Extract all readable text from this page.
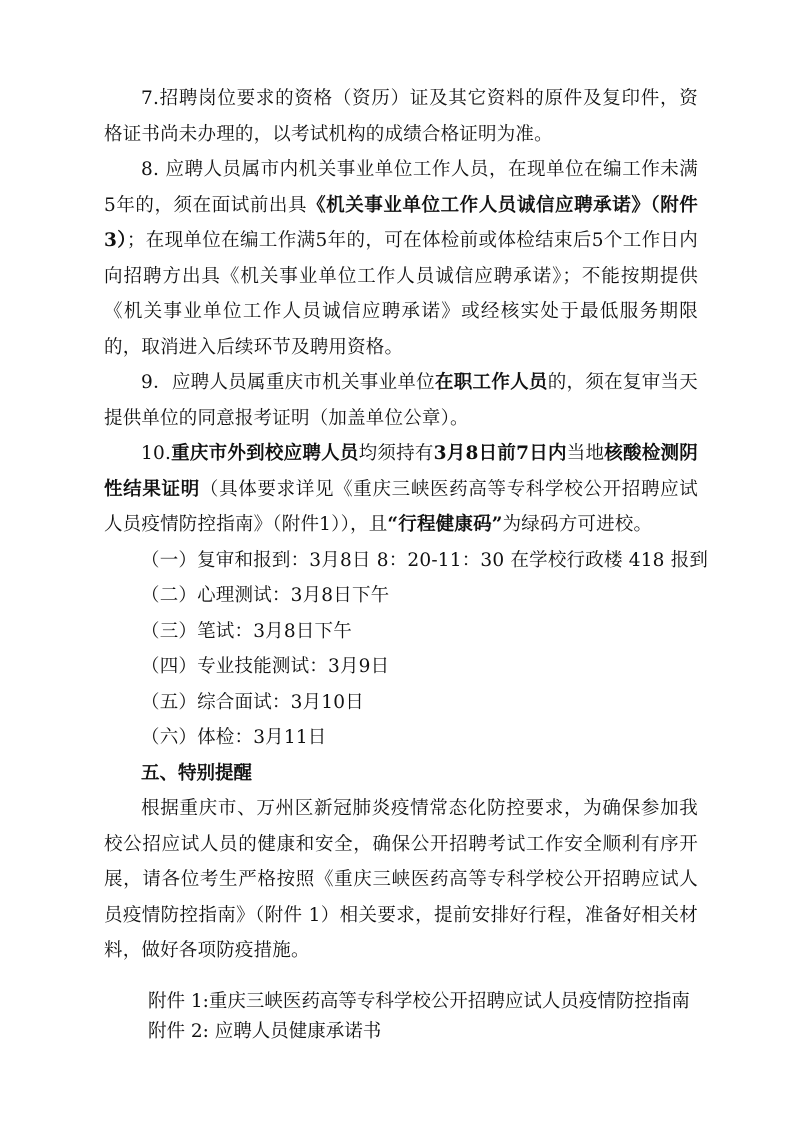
7.招聘岗位要求的资格（资历）证及其它资料的原件及复印件，资格证书尚未办理的，以考试机构的成绩合格证明为准。
8. 应聘人员属市内机关事业单位工作人员，在现单位在编工作未满5年的，须在面试前出具《机关事业单位工作人员诚信应聘承诺》（附件3）；在现单位在编工作满5年的，可在体检前或体检结束后5个工作日内向招聘方出具《机关事业单位工作人员诚信应聘承诺》；不能按期提供《机关事业单位工作人员诚信应聘承诺》或经核实处于最低服务期限的，取消进入后续环节及聘用资格。
9．应聘人员属重庆市机关事业单位在职工作人员的，须在复审当天提供单位的同意报考证明（加盖单位公章）。
10.重庆市外到校应聘人员均须持有3月8日前7日内当地核酸检测阴性结果证明（具体要求详见《重庆三峡医药高等专科学校公开招聘应试人员疫情防控指南》（附件1）），且“行程健康码”为绿码方可进校。
（一）复审和报到：3月8日 8：20-11：30 在学校行政楼 418 报到
（二）心理测试：3月8日下午
（三）笔试：3月8日下午
（四）专业技能测试：3月9日
（五）综合面试：3月10日
（六）体检：3月11日
五、特别提醒
根据重庆市、万州区新冠肺炎疫情常态化防控要求，为确保参加我校公招应试人员的健康和安全，确保公开招聘考试工作安全顺利有序开展，请各位考生严格按照《重庆三峡医药高等专科学校公开招聘应试人员疫情防控指南》（附件 1）相关要求，提前安排好行程，准备好相关材料，做好各项防疫措施。
附件 1:重庆三峡医药高等专科学校公开招聘应试人员疫情防控指南
附件 2: 应聘人员健康承诺书
